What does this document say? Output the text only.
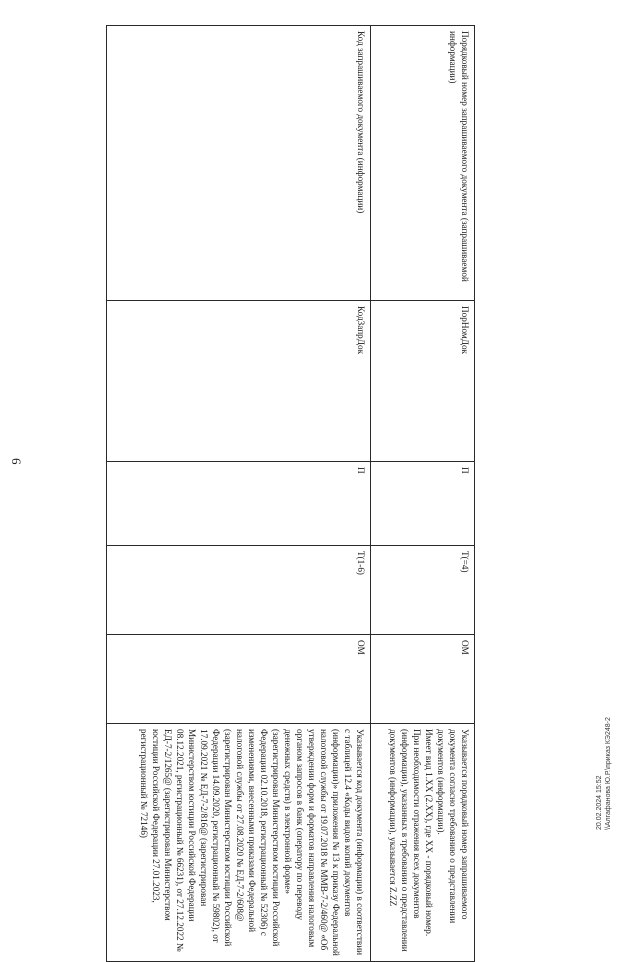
6
Порядковый номер запрашиваемого документа (запрашиваемой информации)	ПорНомДок	П	T(=4)	ОМ	Указывается порядковый номер запрашиваемого документа согласно требованию о представлении документов (информации).
Имеет вид 1.XX (2.XX), где XX - порядковый номер.
При необходимости отражения всех документов (информации), указанных в требовании о представлении документов (информации), указывается Z.ZZ

Код запрашиваемого документа (информации)	КодЗапрДок	П	T(1-6)	ОМ	Указывается код документа (информации) в соответствии с таблицей 12.4 «Коды видов копий документов (информации)» приложения № 13 к приказу Федеральной налоговой службы от 19.07.2018 № ММВ-7-2/460@ «Об утверждении форм и форматов направления налоговым органом запросов в банк (оператору по переводу денежных средств) в электронной форме» (зарегистрирован Министерством юстиции Российской Федерации 02.10.2018, регистрационный № 52306) с изменениями, внесенными приказами Федеральной налоговой службы от 27.08.2020 № ЕД-7-2/608@ (зарегистрирован Министерством юстиции Российской Федерации 14.09.2020, регистрационный № 59802), от 17.09.2021 № ЕД-7-2/816@ (зарегистрирован Министерством юстиции Российской Федерации 08.12.2021, регистрационный № 66231), от 27.12.2022 № ЕД-7-2/1265@ (зарегистрирован Министерством юстиции Российской Федерации 27.01.2023, регистрационный № 72146)	20.02.2024 15:52 \\Алгафанова Ю.Р.\приказ КЭ248-2
